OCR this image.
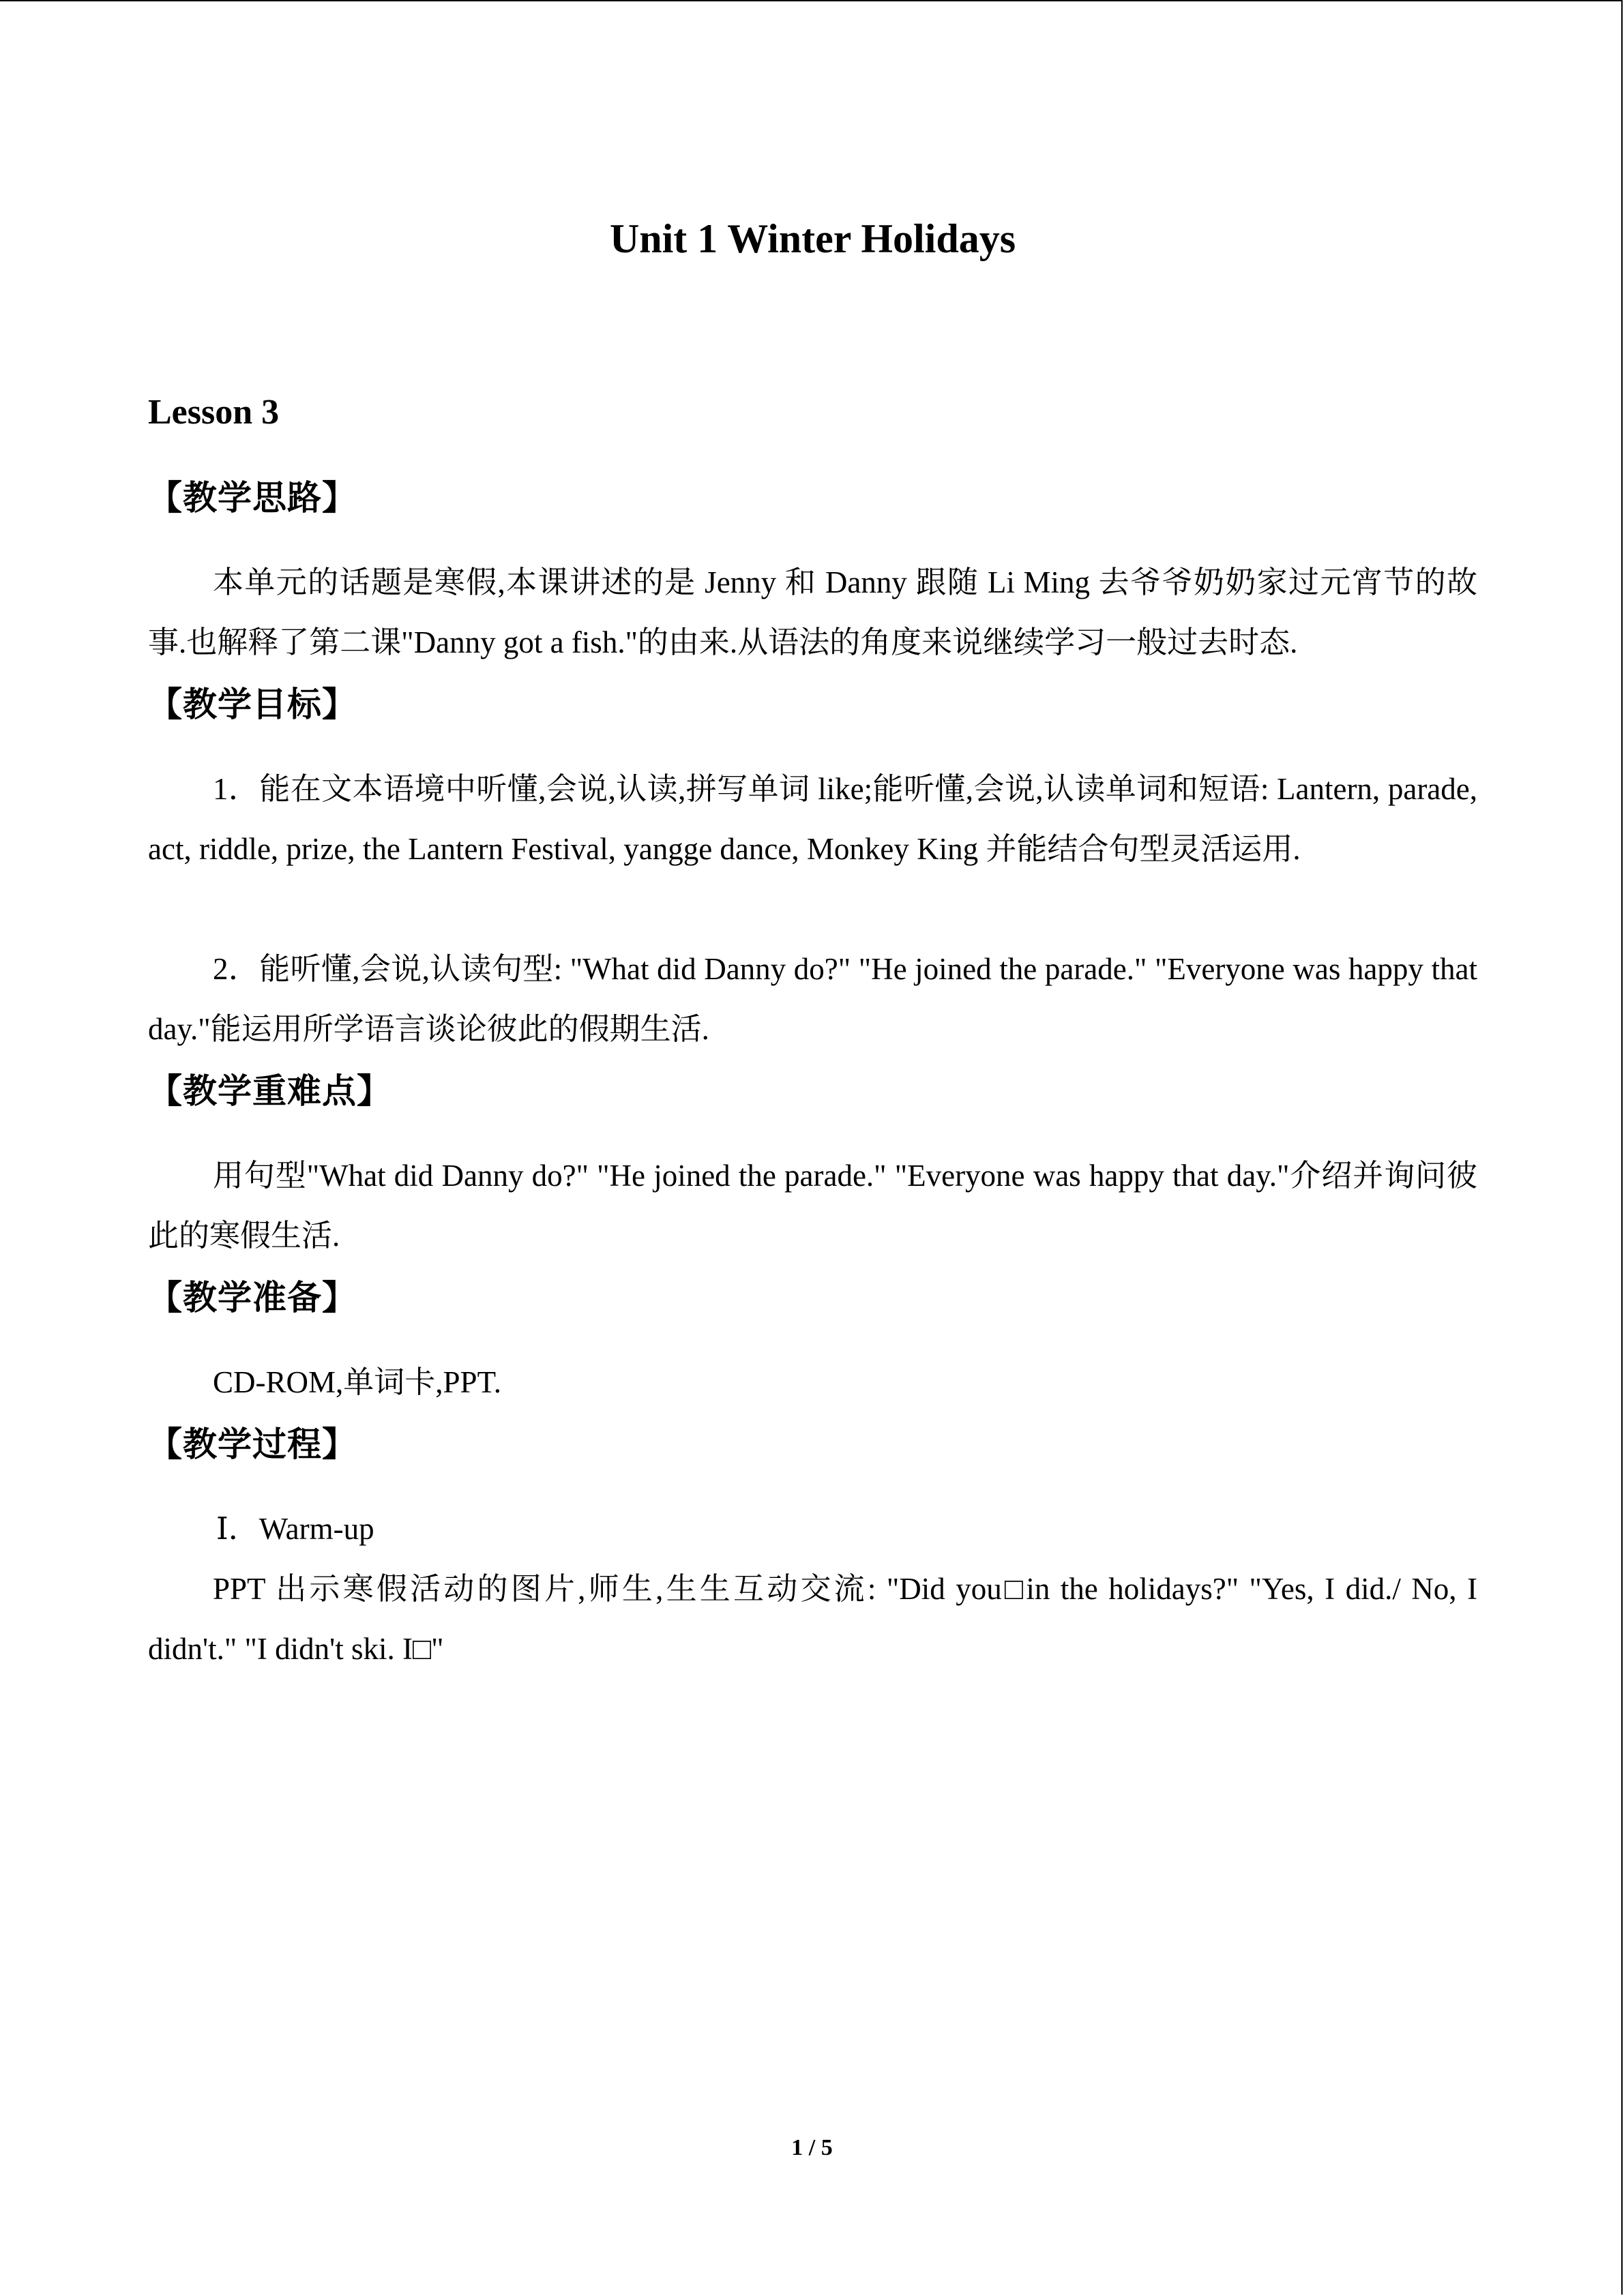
Unit 1 Winter Holidays
Lesson 3
【教学思路】

本单元的话题是寒假,本课讲述的是 Jenny 和 Danny 跟随 Li Ming 去爷爷奶奶家过元宵节的故事.也解释了第二课"Danny got a fish."的由来.从语法的角度来说继续学习一般过去时态.

【教学目标】

1．能在文本语境中听懂,会说,认读,拼写单词 like;能听懂,会说,认读单词和短语: Lantern, parade, act, riddle, prize, the Lantern Festival, yangge dance, Monkey King 并能结合句型灵活运用.

2．能听懂,会说,认读句型: "What did Danny do?" "He joined the parade." "Everyone was happy that day."能运用所学语言谈论彼此的假期生活.

【教学重难点】

用句型"What did Danny do?" "He joined the parade." "Everyone was happy that day."介绍并询问彼此的寒假生活.

【教学准备】

CD-ROM,单词卡,PPT.

【教学过程】

Ⅰ．Warm-up

PPT 出示寒假活动的图片,师生,生生互动交流: "Did you□in the holidays?" "Yes, I did./ No, I didn't." "I didn't ski. I□"

1 / 5
